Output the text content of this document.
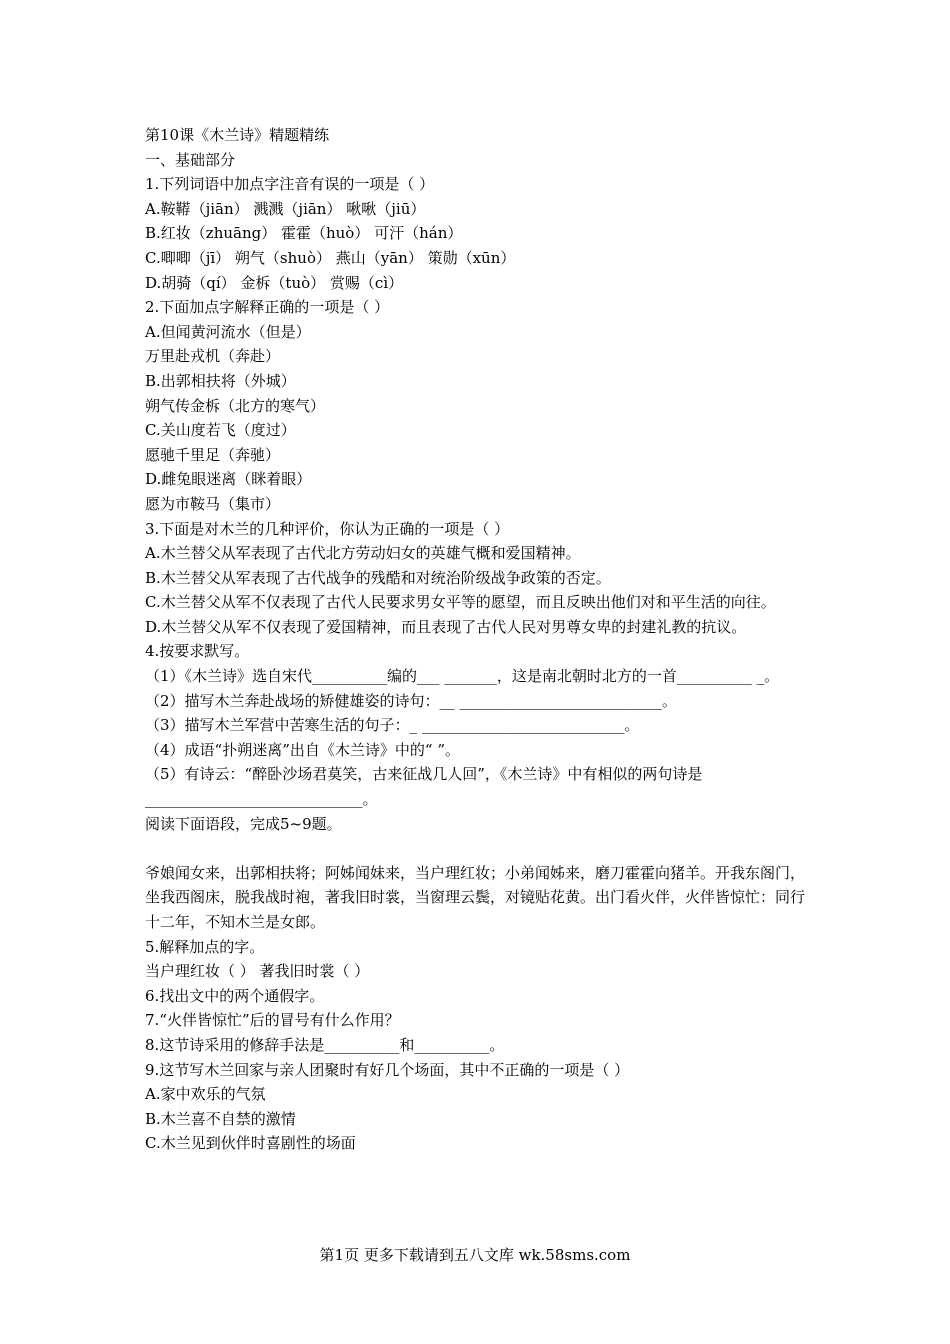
第10课《木兰诗》精题精练
一、基础部分
1.下列词语中加点字注音有误的一项是（ ）
A.鞍鞯（jiān） 溅溅（jiān） 啾啾（jiū）
B.红妆（zhuāng） 霍霍（huò） 可汗（hán）
C.唧唧（jī） 朔气（shuò） 燕山（yān） 策勋（xūn）
D.胡骑（qí） 金柝（tuò） 赏赐（cì）
2.下面加点字解释正确的一项是（ ）
A.但闻黄河流水（但是）
万里赴戎机（奔赴）
B.出郭相扶将（外城）
朔气传金柝（北方的寒气）
C.关山度若飞（度过）
愿驰千里足（奔驰）
D.雌兔眼迷离（眯着眼）
愿为市鞍马（集市）
3.下面是对木兰的几种评价，你认为正确的一项是（ ）
A.木兰替父从军表现了古代北方劳动妇女的英雄气概和爱国精神。
B.木兰替父从军表现了古代战争的残酷和对统治阶级战争政策的否定。
C.木兰替父从军不仅表现了古代人民要求男女平等的愿望，而且反映出他们对和平生活的向往。
D.木兰替父从军不仅表现了爱国精神，而且表现了古代人民对男尊女卑的封建礼教的抗议。
4.按要求默写。
（1）《木兰诗》选自宋代__________编的___ _______，这是南北朝时北方的一首__________ _。
（2）描写木兰奔赴战场的矫健雄姿的诗句：__ ___________________________。
（3）描写木兰军营中苦寒生活的句子：_ ___________________________。
（4）成语“扑朔迷离”出自《木兰诗》中的“ ”。
（5）有诗云：“醉卧沙场君莫笑，古来征战几人回”，《木兰诗》中有相似的两句诗是_____________________________。
阅读下面语段，完成5~9题。
爷娘闻女来，出郭相扶将；阿姊闻妹来，当户理红妆；小弟闻姊来，磨刀霍霍向猪羊。开我东阁门，坐我西阁床，脱我战时袍，著我旧时裳，当窗理云鬓，对镜贴花黄。出门看火伴，火伴皆惊忙：同行十二年，不知木兰是女郎。
5.解释加点的字。
当户理红妆（ ） 著我旧时裳（ ）
6.找出文中的两个通假字。
7.“火伴皆惊忙”后的冒号有什么作用？
8.这节诗采用的修辞手法是__________和__________。
9.这节写木兰回家与亲人团聚时有好几个场面，其中不正确的一项是（ ）
A.家中欢乐的气氛
B.木兰喜不自禁的激情
C.木兰见到伙伴时喜剧性的场面
第1页 更多下载请到五八文库 wk.58sms.com
